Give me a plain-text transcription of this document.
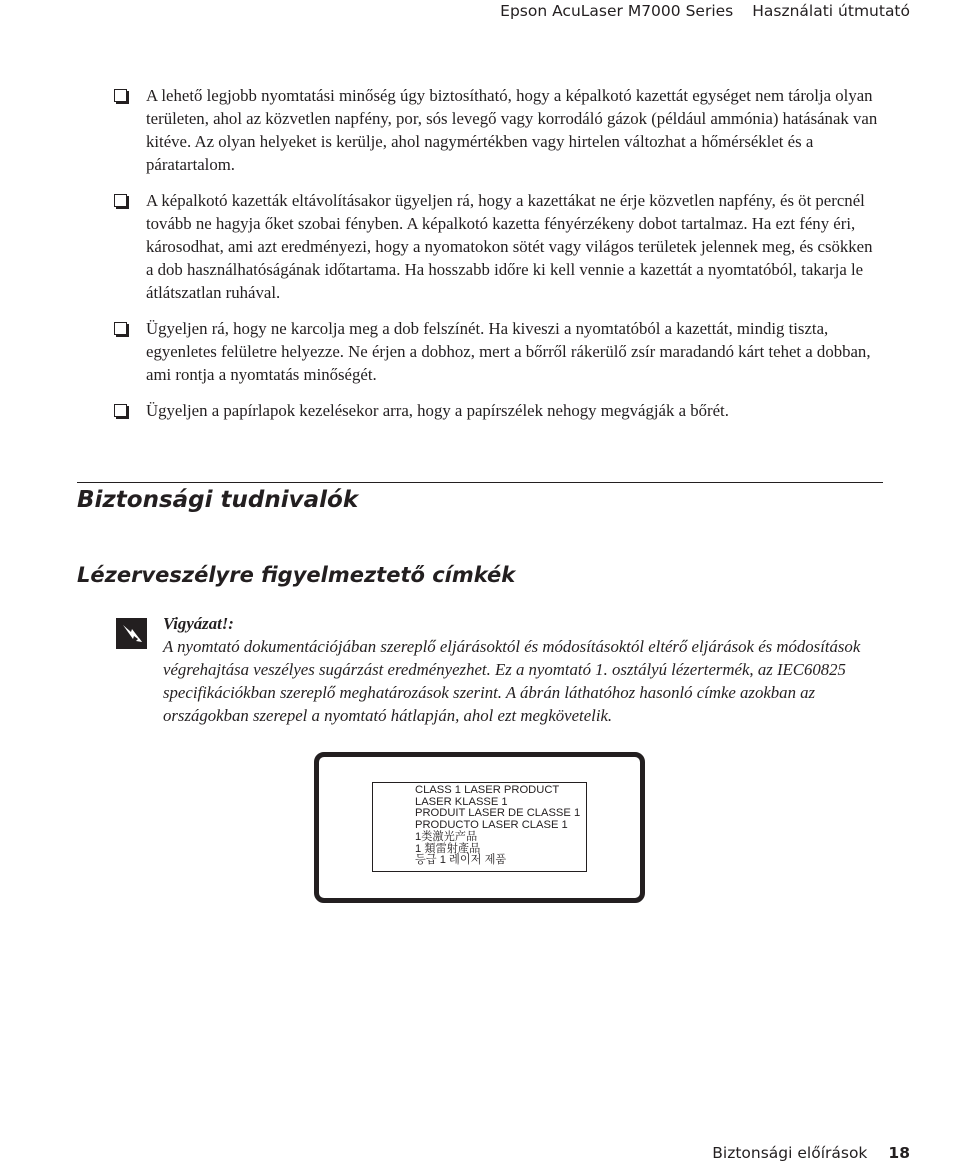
Epson AcuLaser M7000 Series Használati útmutató
A lehető legjobb nyomtatási minőség úgy biztosítható, hogy a képalkotó kazettát egységet nem tárolja olyan területen, ahol az közvetlen napfény, por, sós levegő vagy korrodáló gázok (például ammónia) hatásának van kitéve. Az olyan helyeket is kerülje, ahol nagymértékben vagy hirtelen változhat a hőmérséklet és a páratartalom.
A képalkotó kazetták eltávolításakor ügyeljen rá, hogy a kazettákat ne érje közvetlen napfény, és öt percnél tovább ne hagyja őket szobai fényben. A képalkotó kazetta fényérzékeny dobot tartalmaz. Ha ezt fény éri, károsodhat, ami azt eredményezi, hogy a nyomatokon sötét vagy világos területek jelennek meg, és csökken a dob használhatóságának időtartama. Ha hosszabb időre ki kell vennie a kazettát a nyomtatóból, takarja le átlátszatlan ruhával.
Ügyeljen rá, hogy ne karcolja meg a dob felszínét. Ha kiveszi a nyomtatóból a kazettát, mindig tiszta, egyenletes felületre helyezze. Ne érjen a dobhoz, mert a bőrről rákerülő zsír maradandó kárt tehet a dobban, ami rontja a nyomtatás minőségét.
Ügyeljen a papírlapok kezelésekor arra, hogy a papírszélek nehogy megvágják a bőrét.
Biztonsági tudnivalók
Lézerveszélyre figyelmeztető címkék
Vigyázat!:
A nyomtató dokumentációjában szereplő eljárásoktól és módosításoktól eltérő eljárások és módosítások végrehajtása veszélyes sugárzást eredményezhet. Ez a nyomtató 1. osztályú lézertermék, az IEC60825 specifikációkban szereplő meghatározások szerint. A ábrán láthatóhoz hasonló címke azokban az országokban szerepel a nyomtató hátlapján, ahol ezt megkövetelik.
CLASS 1 LASER PRODUCT
LASER KLASSE 1
PRODUIT LASER DE CLASSE 1
PRODUCTO LASER CLASE 1
1类激光产品
1 類雷射產品
등급 1 레이저 제품
Biztonsági előírások 18
